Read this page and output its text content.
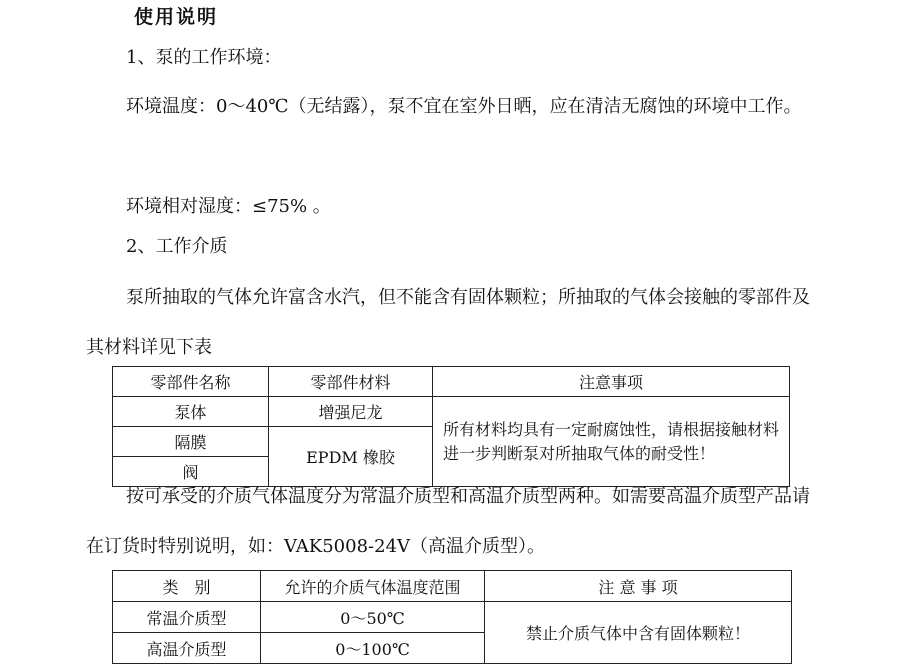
使用说明

1、泵的工作环境：

环境温度：0～40℃（无结露），泵不宜在室外日晒，应在清洁无腐蚀的环境中工作。

环境相对湿度：≤75% 。

2、工作介质

泵所抽取的气体允许富含水汽，但不能含有固体颗粒；所抽取的气体会接触的零部件及其材料详见下表

零部件名称	零部件材料	注意事项
泵体	增强尼龙	所有材料均具有一定耐腐蚀性，请根据接触材料进一步判断泵对所抽取气体的耐受性！
隔膜	EPDM 橡胶	
阀		

按可承受的介质气体温度分为常温介质型和高温介质型两种。如需要高温介质型产品请在订货时特别说明，如：VAK5008-24V（高温介质型）。

类　别	允许的介质气体温度范围	注 意 事 项
常温介质型	0～50℃	禁止介质气体中含有固体颗粒！
高温介质型	0～100℃	
